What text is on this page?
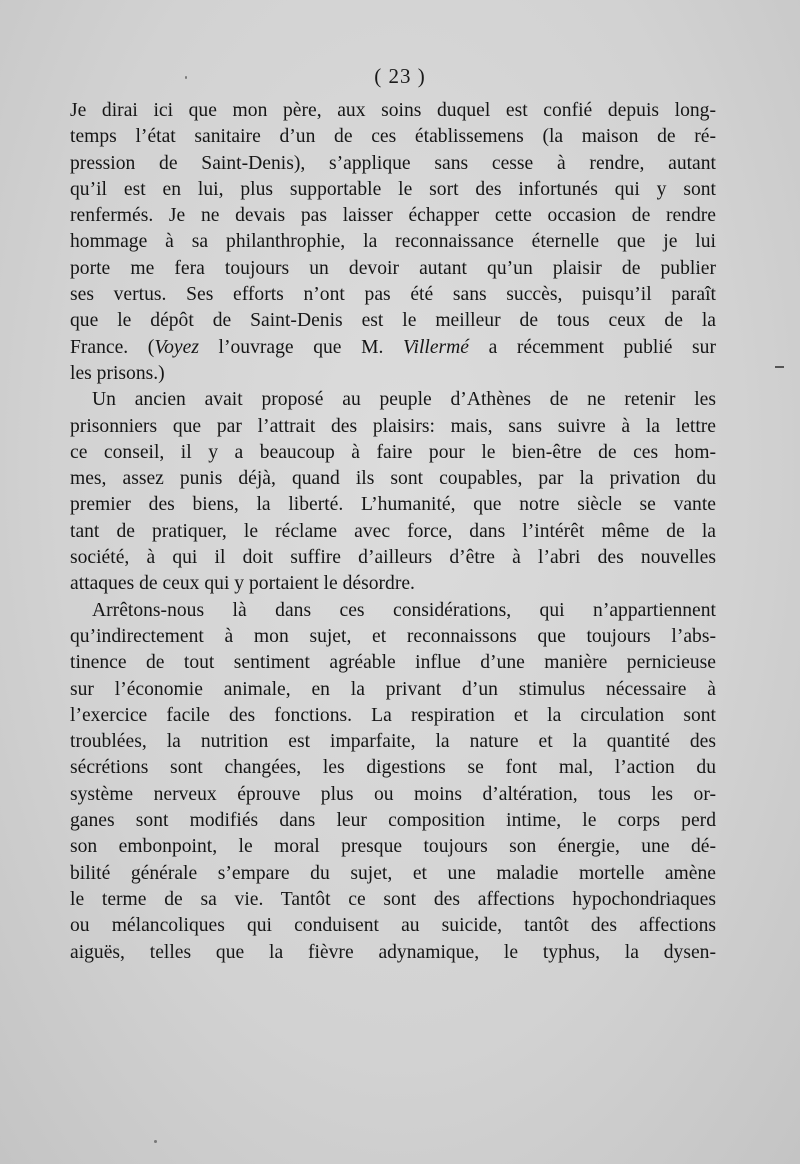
( 23 )
Je dirai ici que mon père, aux soins duquel est confié depuis long-
temps l’état sanitaire d’un de ces établissemens (la maison de ré-
pression de Saint-Denis), s’applique sans cesse à rendre, autant
qu’il est en lui, plus supportable le sort des infortunés qui y sont
renfermés. Je ne devais pas laisser échapper cette occasion de rendre
hommage à sa philanthrophie, la reconnaissance éternelle que je lui
porte me fera toujours un devoir autant qu’un plaisir de publier
ses vertus. Ses efforts n’ont pas été sans succès, puisqu’il paraît
que le dépôt de Saint-Denis est le meilleur de tous ceux de la
France. (Voyez l’ouvrage que M. Villermé a récemment publié sur
les prisons.)
Un ancien avait proposé au peuple d’Athènes de ne retenir les
prisonniers que par l’attrait des plaisirs: mais, sans suivre à la lettre
ce conseil, il y a beaucoup à faire pour le bien-être de ces hom-
mes, assez punis déjà, quand ils sont coupables, par la privation du
premier des biens, la liberté. L’humanité, que notre siècle se vante
tant de pratiquer, le réclame avec force, dans l’intérêt même de la
société, à qui il doit suffire d’ailleurs d’être à l’abri des nouvelles
attaques de ceux qui y portaient le désordre.
Arrêtons-nous là dans ces considérations, qui n’appartiennent
qu’indirectement à mon sujet, et reconnaissons que toujours l’abs-
tinence de tout sentiment agréable influe d’une manière pernicieuse
sur l’économie animale, en la privant d’un stimulus nécessaire à
l’exercice facile des fonctions. La respiration et la circulation sont
troublées, la nutrition est imparfaite, la nature et la quantité des
sécrétions sont changées, les digestions se font mal, l’action du
système nerveux éprouve plus ou moins d’altération, tous les or-
ganes sont modifiés dans leur composition intime, le corps perd
son embonpoint, le moral presque toujours son énergie, une dé-
bilité générale s’empare du sujet, et une maladie mortelle amène
le terme de sa vie. Tantôt ce sont des affections hypochondriaques
ou mélancoliques qui conduisent au suicide, tantôt des affections
aiguës, telles que la fièvre adynamique, le typhus, la dysen-
